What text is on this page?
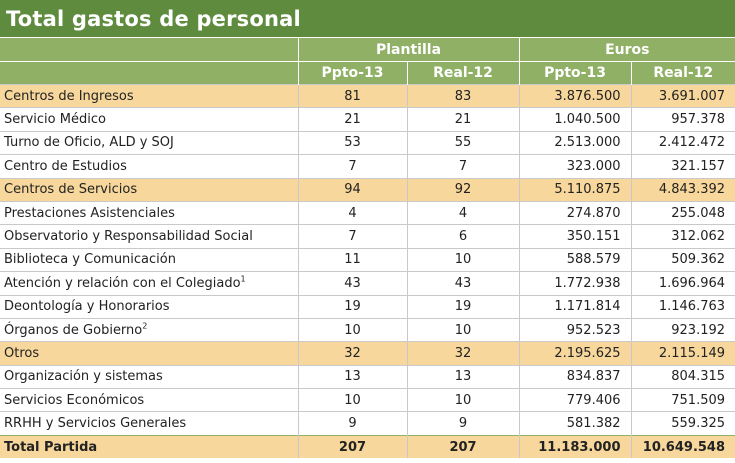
Total gastos de personal
	Plantilla		Euros	
	Ppto-13	Real-12	Ppto-13	Real-12
Centros de Ingresos	81	83	3.876.500	3.691.007
Servicio Médico	21	21	1.040.500	957.378
Turno de Oficio, ALD y SOJ	53	55	2.513.000	2.412.472
Centro de Estudios	7	7	323.000	321.157
Centros de Servicios	94	92	5.110.875	4.843.392
Prestaciones Asistenciales	4	4	274.870	255.048
Observatorio y Responsabilidad Social	7	6	350.151	312.062
Biblioteca y Comunicación	11	10	588.579	509.362
Atención y relación con el Colegiado$^1$	43	43	1.772.938	1.696.964
Deontología y Honorarios	19	19	1.171.814	1.146.763
Órganos de Gobierno$^2$	10	10	952.523	923.192
Otros	32	32	2.195.625	2.115.149
Organización y sistemas	13	13	834.837	804.315
Servicios Económicos	10	10	779.406	751.509
RRHH y Servicios Generales	9	9	581.382	559.325
Total Partida	207	207	11.183.000	10.649.548
